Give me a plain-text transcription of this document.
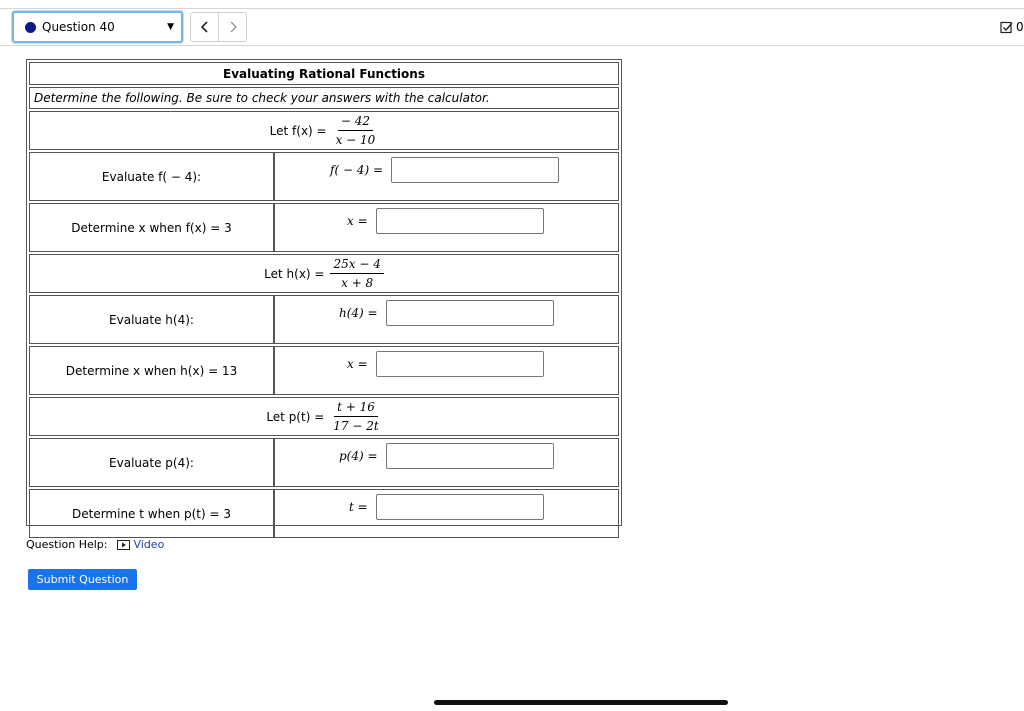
Question 40	▼	0
Evaluating Rational Functions	

Determine the following. Be sure to check your answers with the calculator.	

Let $f(x) = \frac{- 42}{x - 10}$

Evaluate f( − 4):	f( − 4) =

Determine x when f(x) = 3	x =

Let $h(x) = \frac{25x - 4}{x + 8}$

Evaluate h(4):	h(4) =

Determine x when h(x) = 13	x =

Let $p(t) = \frac{t + 16}{17 - 2t}$

Evaluate p(4):	p(4) =

Determine t when p(t) = 3	t =
Question Help: Video
Submit Question
